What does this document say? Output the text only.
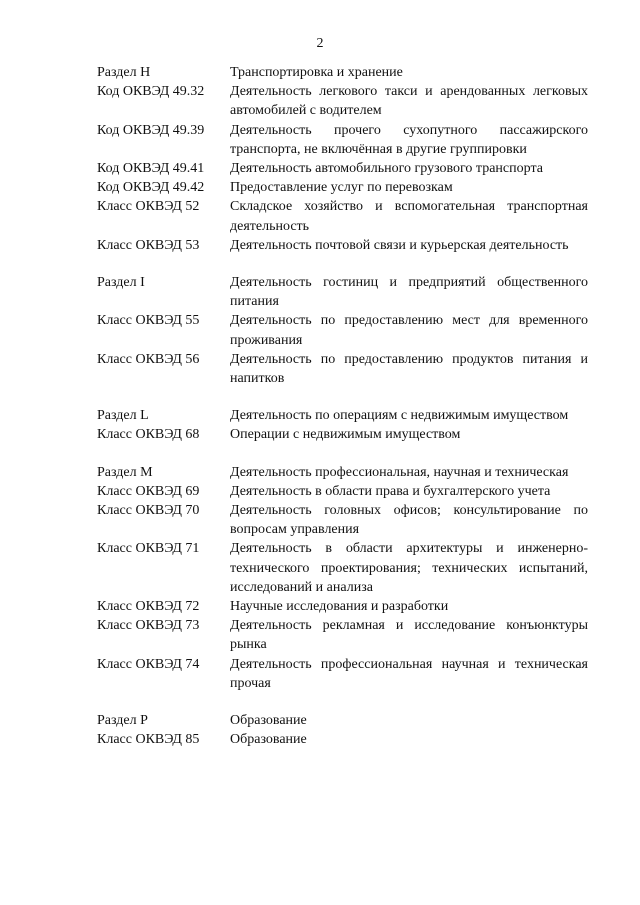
2
Раздел H	Транспортировка и хранение
Код ОКВЭД 49.32	Деятельность легкового такси и арендованных легковых автомобилей с водителем
Код ОКВЭД 49.39	Деятельность прочего сухопутного пассажирского транспорта, не включённая в другие группировки
Код ОКВЭД 49.41	Деятельность автомобильного грузового транспорта
Код ОКВЭД 49.42	Предоставление услуг по перевозкам
Класс ОКВЭД 52	Складское хозяйство и вспомогательная транспортная деятельность
Класс ОКВЭД 53	Деятельность почтовой связи и курьерская деятельность
Раздел I	Деятельность гостиниц и предприятий общественного питания
Класс ОКВЭД 55	Деятельность по предоставлению мест для временного проживания
Класс ОКВЭД 56	Деятельность по предоставлению продуктов питания и напитков
Раздел L	Деятельность по операциям с недвижимым имуществом
Класс ОКВЭД 68	Операции с недвижимым имуществом
Раздел M	Деятельность профессиональная, научная и техническая
Класс ОКВЭД 69	Деятельность в области права и бухгалтерского учета
Класс ОКВЭД 70	Деятельность головных офисов; консультирование по вопросам управления
Класс ОКВЭД 71	Деятельность в области архитектуры и инженерно-технического проектирования; технических испытаний, исследований и анализа
Класс ОКВЭД 72	Научные исследования и разработки
Класс ОКВЭД 73	Деятельность рекламная и исследование конъюнктуры рынка
Класс ОКВЭД 74	Деятельность профессиональная научная и техническая прочая
Раздел P	Образование
Класс ОКВЭД 85	Образование
